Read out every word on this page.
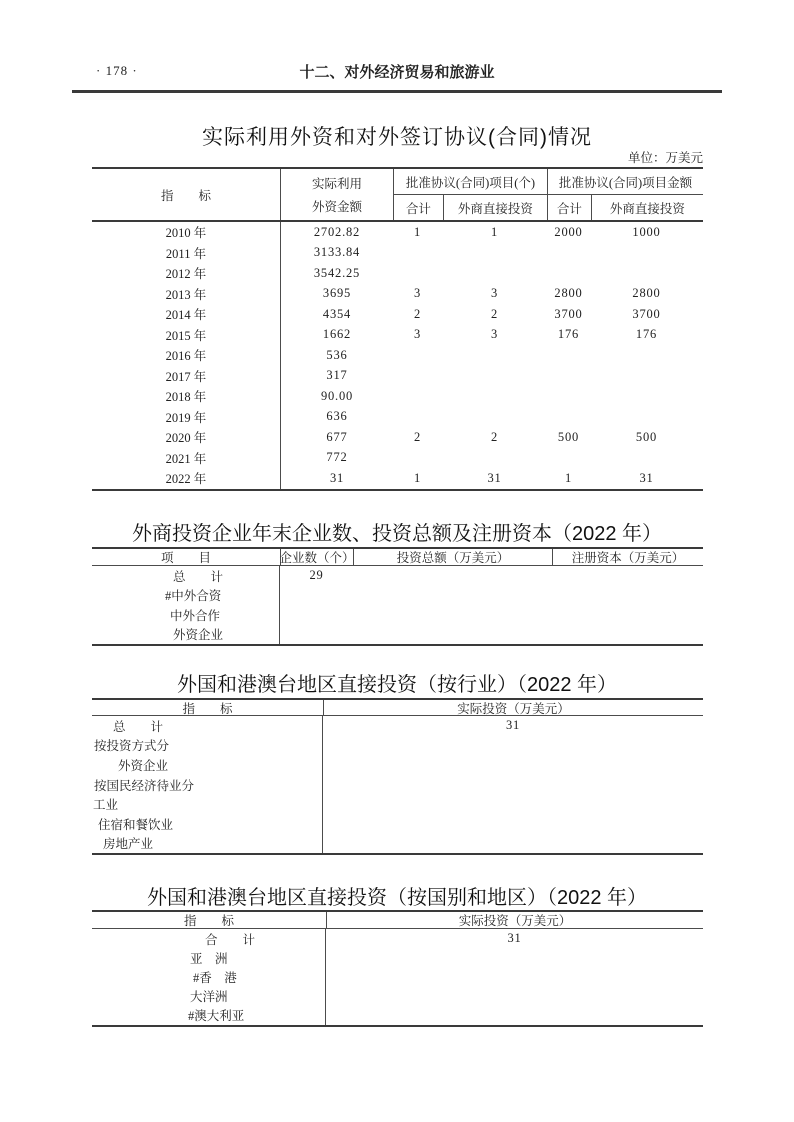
· 178 ·	十二、对外经济贸易和旅游业
实际利用外资和对外签订协议(合同)情况
单位：万美元
指　　标
实际利用
外资金额
批准协议(合同)项目(个)
合计	外商直接投资
批准协议(合同)项目金额
合计	外商直接投资
2010 年	2702.82	1	1	2000	1000
2011 年	3133.84
2012 年	3542.25
2013 年	3695	3	3	2800	2800
2014 年	4354	2	2	3700	3700
2015 年	1662	3	3	176	176
2016 年	536
2017 年	317
2018 年	90.00
2019 年	636
2020 年	677	2	2	500	500
2021 年	772
2022 年	31	1	31	1	31
外商投资企业年末企业数、投资总额及注册资本（2022 年）
项　　目	企业数（个）	投资总额（万美元）	注册资本（万美元）
总　　计	29
#中外合资
中外合作
外资企业
外国和港澳台地区直接投资（按行业）（2022 年）
指　　标	实际投资（万美元）
总　　计	31
按投资方式分
外资企业
按国民经济待业分
工业
住宿和餐饮业
房地产业
外国和港澳台地区直接投资（按国别和地区）（2022 年）
指　　标	实际投资（万美元）
合　　计	31
亚　洲
#香　港
大洋洲
#澳大利亚
